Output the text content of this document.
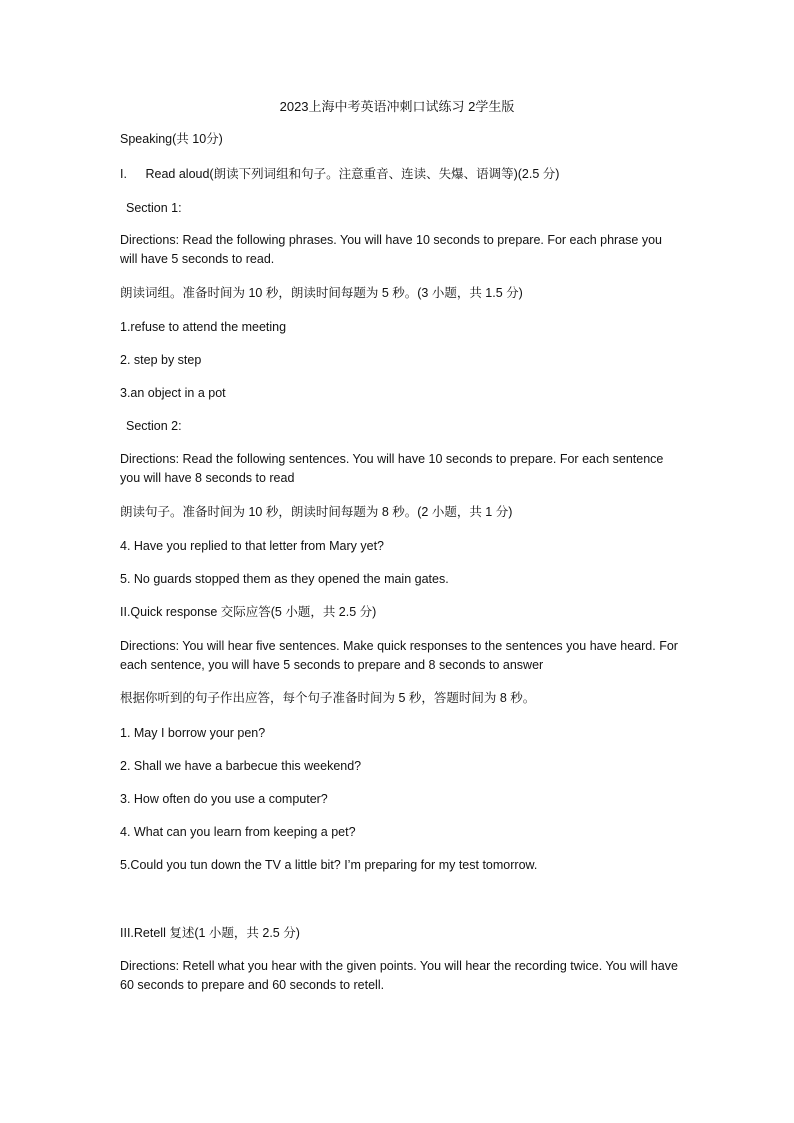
2023上海中考英语冲刺口试练习 2学生版
Speaking(共 10分)
I. Read aloud(朗读下列词组和句子。注意重音、连读、失爆、语调等)(2.5 分)
Section 1:
Directions: Read the following phrases. You will have 10 seconds to prepare. For each phrase you will have 5 seconds to read.
朗读词组。准备时间为 10 秒，朗读时间每题为 5 秒。(3 小题，共 1.5 分)
1.refuse to attend the meeting
2. step by step
3.an object in a pot
Section 2:
Directions: Read the following sentences. You will have 10 seconds to prepare. For each sentence you will have 8 seconds to read
朗读句子。准备时间为 10 秒，朗读时间每题为 8 秒。(2 小题，共 1 分)
4. Have you replied to that letter from Mary yet?
5. No guards stopped them as they opened the main gates.
II.Quick response 交际应答(5 小题，共 2.5 分)
Directions: You will hear five sentences. Make quick responses to the sentences you have heard. For each sentence, you will have 5 seconds to prepare and 8 seconds to answer
根据你听到的句子作出应答，每个句子准备时间为 5 秒，答题时间为 8 秒。
1. May I borrow your pen?
2. Shall we have a barbecue this weekend?
3. How often do you use a computer?
4. What can you learn from keeping a pet?
5.Could you tun down the TV a little bit? I’m preparing for my test tomorrow.
III.Retell 复述(1 小题，共 2.5 分)
Directions: Retell what you hear with the given points. You will hear the recording twice. You will have 60 seconds to prepare and 60 seconds to retell.
